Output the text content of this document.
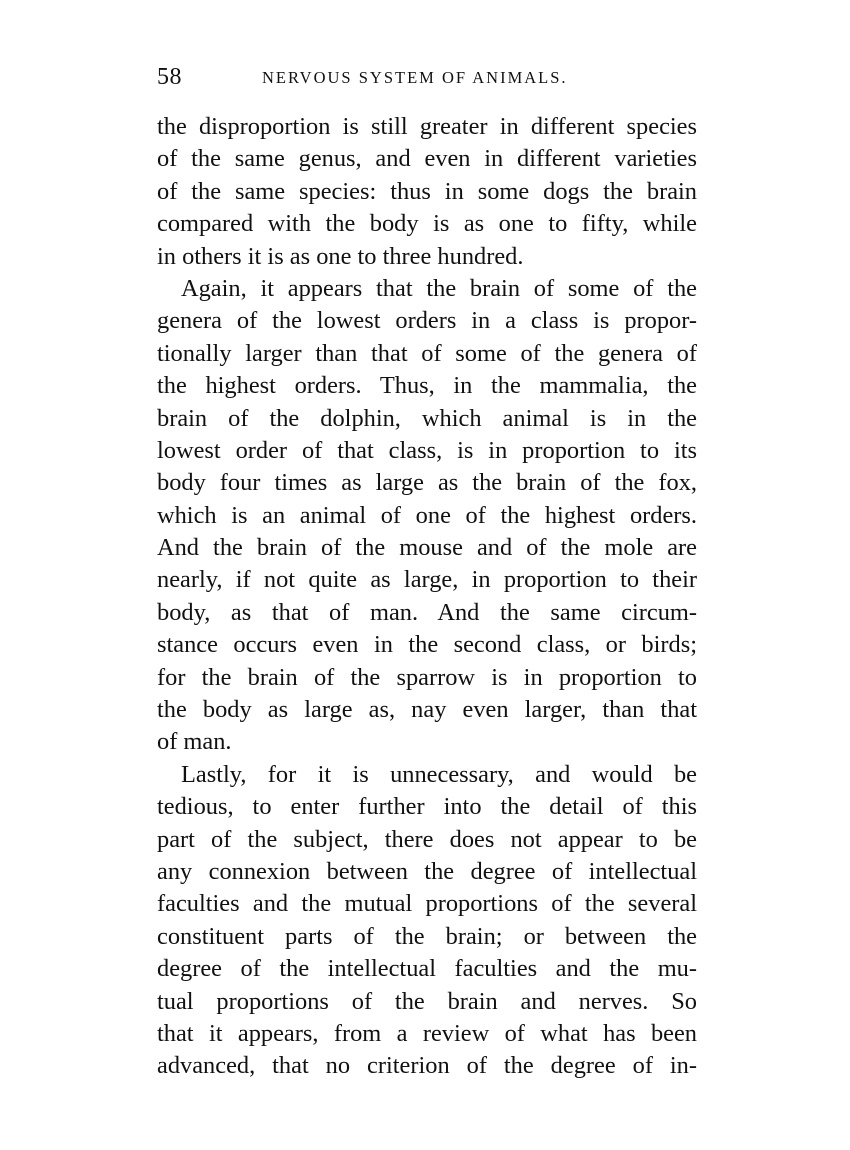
58	NERVOUS SYSTEM OF ANIMALS.
the disproportion is still greater in different species
of the same genus, and even in different varieties
of the same species: thus in some dogs the brain
compared with the body is as one to fifty, while
in others it is as one to three hundred.
Again, it appears that the brain of some of the
genera of the lowest orders in a class is propor-
tionally larger than that of some of the genera of
the highest orders. Thus, in the mammalia, the
brain of the dolphin, which animal is in the
lowest order of that class, is in proportion to its
body four times as large as the brain of the fox,
which is an animal of one of the highest orders.
And the brain of the mouse and of the mole are
nearly, if not quite as large, in proportion to their
body, as that of man. And the same circum-
stance occurs even in the second class, or birds;
for the brain of the sparrow is in proportion to
the body as large as, nay even larger, than that
of man.
Lastly, for it is unnecessary, and would be
tedious, to enter further into the detail of this
part of the subject, there does not appear to be
any connexion between the degree of intellectual
faculties and the mutual proportions of the several
constituent parts of the brain; or between the
degree of the intellectual faculties and the mu-
tual proportions of the brain and nerves. So
that it appears, from a review of what has been
advanced, that no criterion of the degree of in-
